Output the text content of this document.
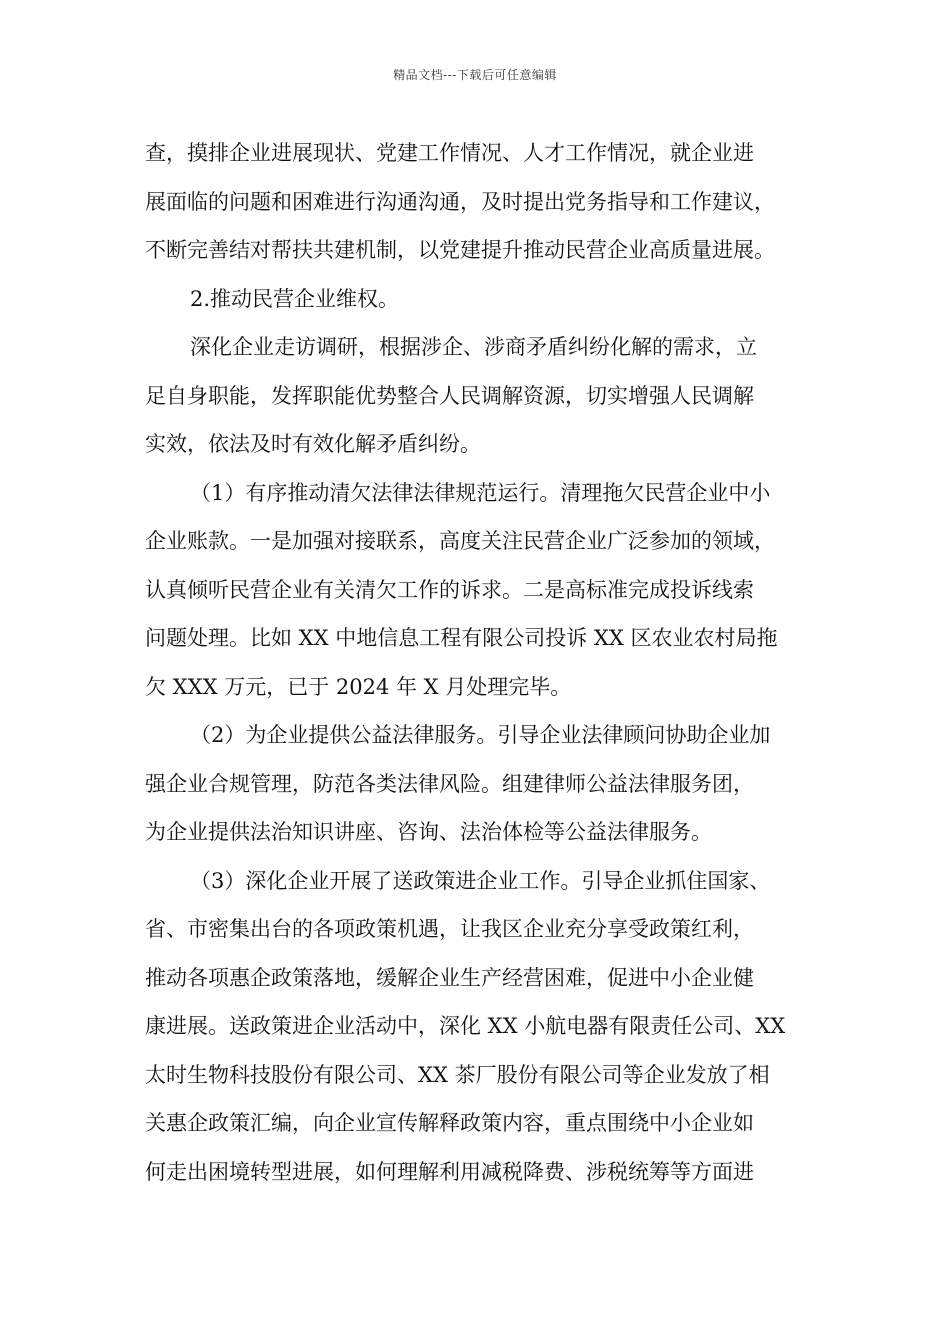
精品文档---下载后可任意编辑
查，摸排企业进展现状、党建工作情况、人才工作情况，就企业进
展面临的问题和困难进行沟通沟通，及时提出党务指导和工作建议，
不断完善结对帮扶共建机制，以党建提升推动民营企业高质量进展。
2.推动民营企业维权。
深化企业走访调研，根据涉企、涉商矛盾纠纷化解的需求，立
足自身职能，发挥职能优势整合人民调解资源，切实增强人民调解
实效，依法及时有效化解矛盾纠纷。
（1）有序推动清欠法律法律规范运行。清理拖欠民营企业中小
企业账款。一是加强对接联系，高度关注民营企业广泛参加的领域，
认真倾听民营企业有关清欠工作的诉求。二是高标准完成投诉线索
问题处理。比如 XX 中地信息工程有限公司投诉 XX 区农业农村局拖
欠 XXX 万元，已于 2024 年 X 月处理完毕。
（2）为企业提供公益法律服务。引导企业法律顾问协助企业加
强企业合规管理，防范各类法律风险。组建律师公益法律服务团，
为企业提供法治知识讲座、咨询、法治体检等公益法律服务。
（3）深化企业开展了送政策进企业工作。引导企业抓住国家、
省、市密集出台的各项政策机遇，让我区企业充分享受政策红利，
推动各项惠企政策落地，缓解企业生产经营困难，促进中小企业健
康进展。送政策进企业活动中，深化 XX 小航电器有限责任公司、XX
太时生物科技股份有限公司、XX 茶厂股份有限公司等企业发放了相
关惠企政策汇编，向企业宣传解释政策内容，重点围绕中小企业如
何走出困境转型进展，如何理解利用减税降费、涉税统筹等方面进
